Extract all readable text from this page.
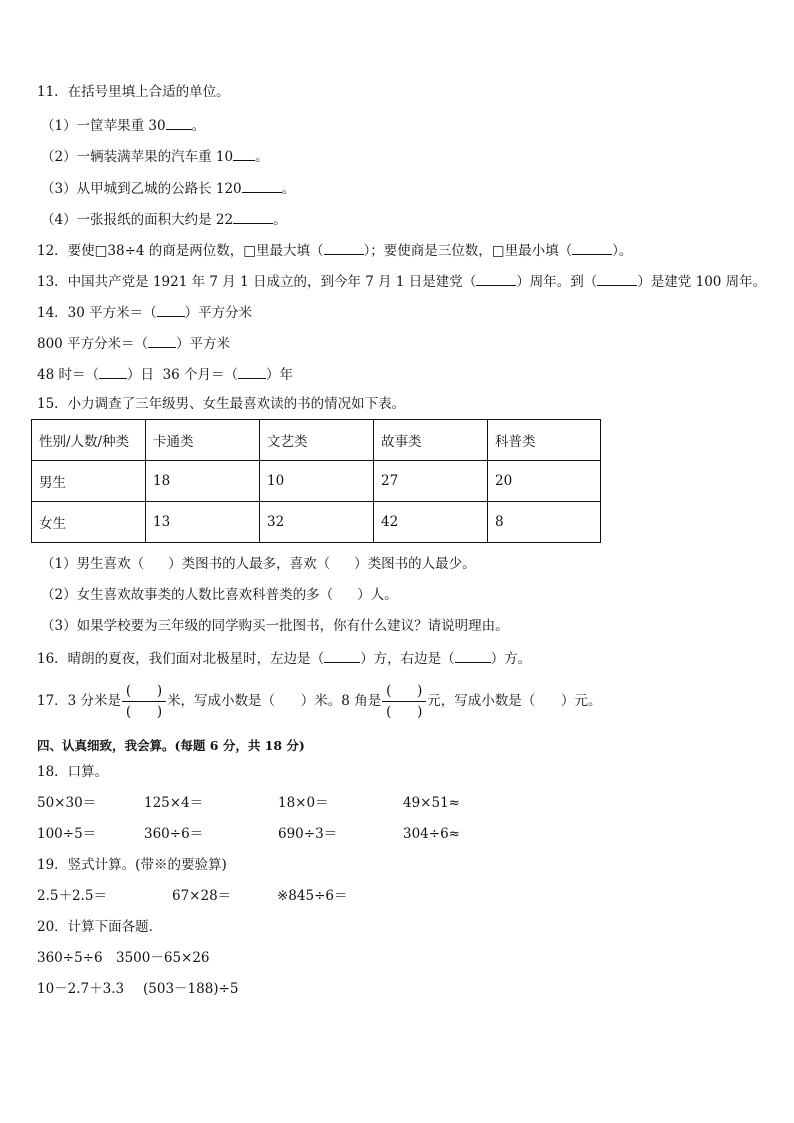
11．在括号里填上合适的单位。
（1）一筐苹果重 30 。
（2）一辆装满苹果的汽车重 10 。
（3）从甲城到乙城的公路长 120	。
（4）一张报纸的面积大约是 22	。
12．要使□38÷4 的商是两位数，□里最大填（	）；要使商是三位数，□里最小填（	）。
13．中国共产党是 1921 年 7 月 1 日成立的，到今年 7 月 1 日是建党（	）周年。到（	）是建党 100 周年。
14．30 平方米＝（ ）平方分米
800 平方分米＝（ ）平方米
48 时＝（ ）日  36 个月＝（ ）年
15．小力调查了三年级男、女生最喜欢读的书的情况如下表。
性别/人数/种类	卡通类	文艺类	故事类	科普类
男生	18	10	27	20
女生	13	32	42	8
（1）男生喜欢（ ）类图书的人最多，喜欢（ ）类图书的人最少。
（2）女生喜欢故事类的人数比喜欢科普类的多（ ）人。
（3）如果学校要为三年级的同学购买一批图书，你有什么建议？请说明理由。
16．晴朗的夏夜，我们面对北极星时，左边是（	）方，右边是（	）方。
17．3 分米是 $\frac{( )}{( )}$ 米，写成小数是（      ）米。8 角是 $\frac{( )}{( )}$ 元，写成小数是（      ）元。
四、认真细致，我会算。(每题 6 分，共 18 分)
18．口算。
50×30＝	125×4＝	18×0＝	49×51≈
100÷5＝	360÷6＝	690÷3＝	304÷6≈
19．竖式计算。(带※的要验算)
2.5＋2.5＝	67×28＝	※845÷6＝
20．计算下面各题．
360÷5÷6 3500－65×26
10－2.7＋3.3 (503－188)÷5
